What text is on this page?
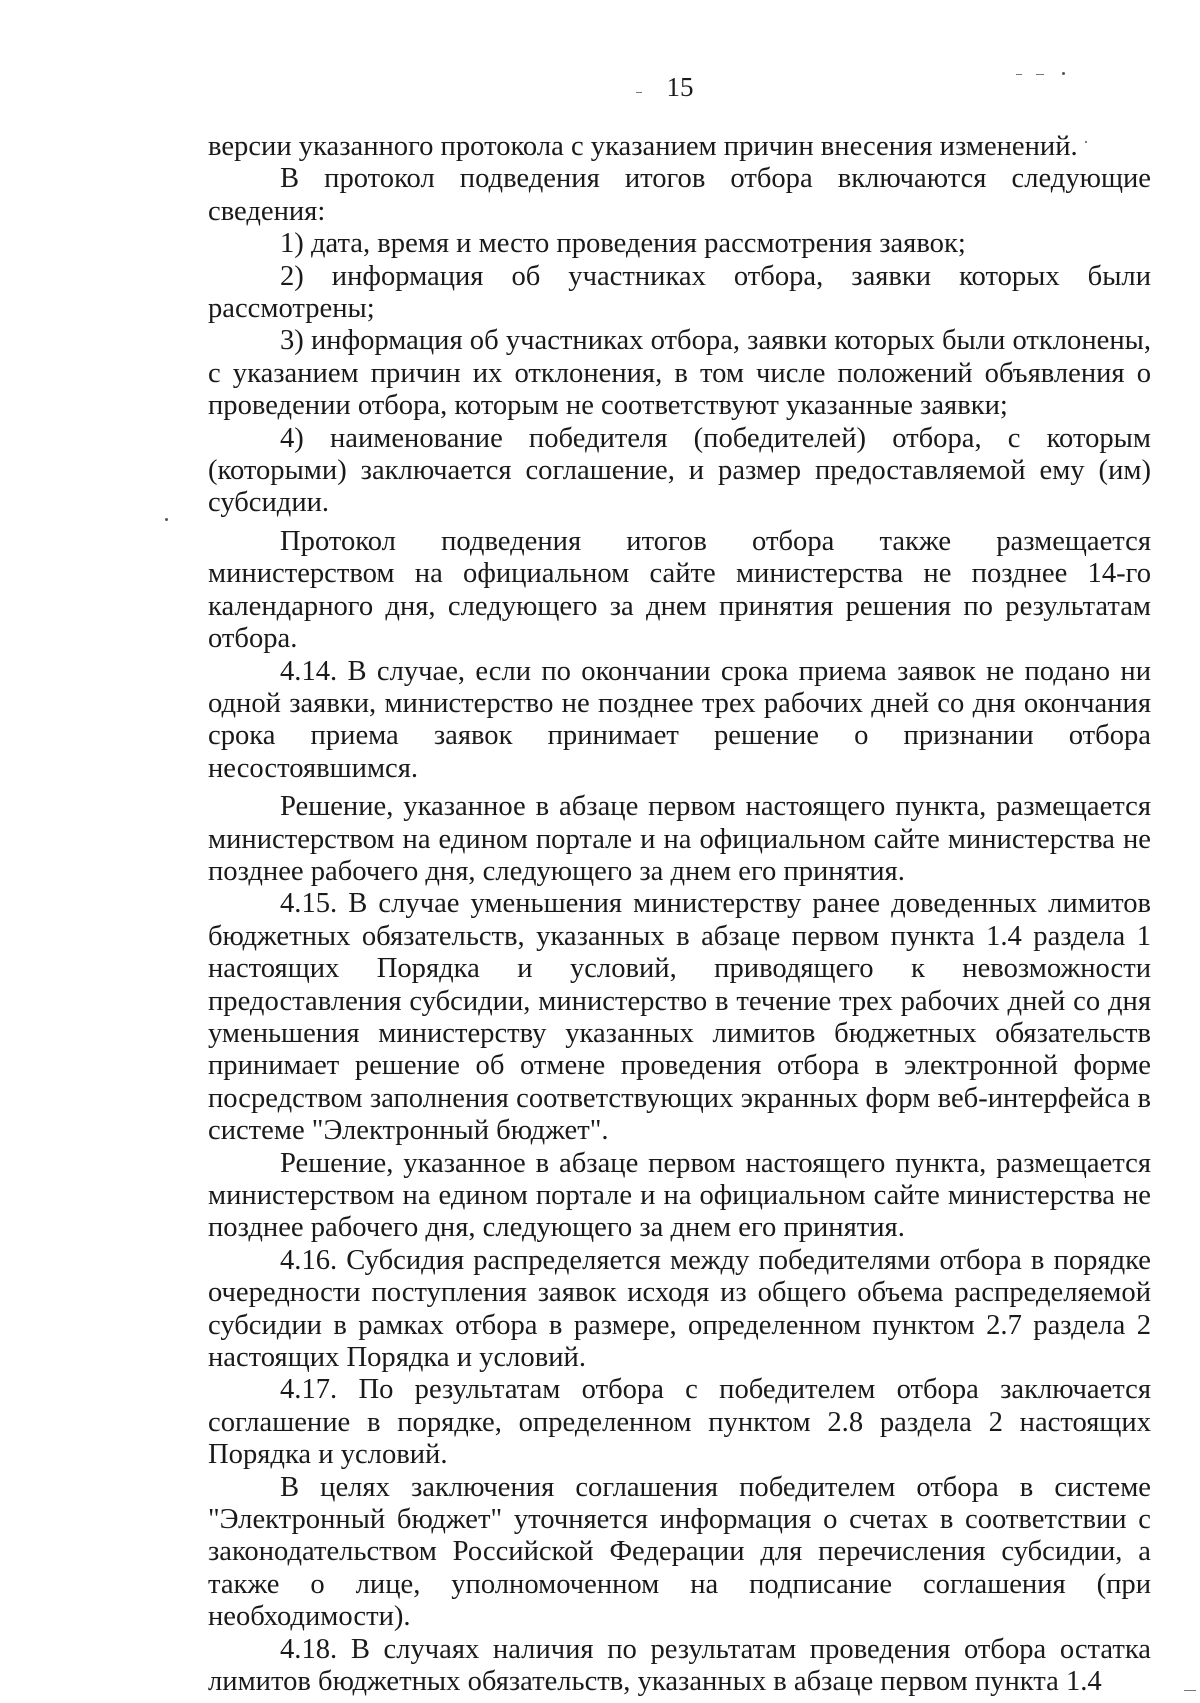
15

версии указанного протокола с указанием причин внесения изменений.

В протокол подведения итогов отбора включаются следующие сведения:

1) дата, время и место проведения рассмотрения заявок;

2) информация об участниках отбора, заявки которых были рассмотрены;

3) информация об участниках отбора, заявки которых были отклонены, с указанием причин их отклонения, в том числе положений объявления о проведении отбора, которым не соответствуют указанные заявки;

4) наименование победителя (победителей) отбора, с которым (которыми) заключается соглашение, и размер предоставляемой ему (им) субсидии.

Протокол подведения итогов отбора также размещается министерством на официальном сайте министерства не позднее 14-го календарного дня, следующего за днем принятия решения по результатам отбора.

4.14. В случае, если по окончании срока приема заявок не подано ни одной заявки, министерство не позднее трех рабочих дней со дня окончания срока приема заявок принимает решение о признании отбора несостоявшимся.

Решение, указанное в абзаце первом настоящего пункта, размещается министерством на едином портале и на официальном сайте министерства не позднее рабочего дня, следующего за днем его принятия.

4.15. В случае уменьшения министерству ранее доведенных лимитов бюджетных обязательств, указанных в абзаце первом пункта 1.4 раздела 1 настоящих Порядка и условий, приводящего к невозможности предоставления субсидии, министерство в течение трех рабочих дней со дня уменьшения министерству указанных лимитов бюджетных обязательств принимает решение об отмене проведения отбора в электронной форме посредством заполнения соответствующих экранных форм веб-интерфейса в системе "Электронный бюджет".

Решение, указанное в абзаце первом настоящего пункта, размещается министерством на едином портале и на официальном сайте министерства не позднее рабочего дня, следующего за днем его принятия.

4.16. Субсидия распределяется между победителями отбора в порядке очередности поступления заявок исходя из общего объема распределяемой субсидии в рамках отбора в размере, определенном пунктом 2.7 раздела 2 настоящих Порядка и условий.

4.17. По результатам отбора с победителем отбора заключается соглашение в порядке, определенном пунктом 2.8 раздела 2 настоящих Порядка и условий.

В целях заключения соглашения победителем отбора в системе "Электронный бюджет" уточняется информация о счетах в соответствии с законодательством Российской Федерации для перечисления субсидии, а также о лице, уполномоченном на подписание соглашения (при необходимости).

4.18. В случаях наличия по результатам проведения отбора остатка лимитов бюджетных обязательств, указанных в абзаце первом пункта 1.4
